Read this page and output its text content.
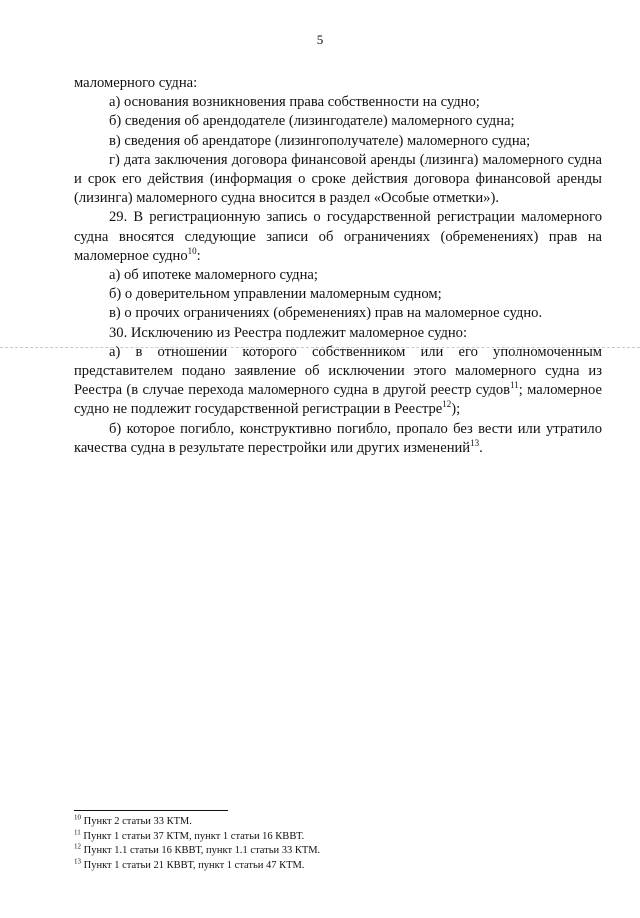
5

маломерного судна:

а) основания возникновения права собственности на судно;

б) сведения об арендодателе (лизингодателе) маломерного судна;

в) сведения об арендаторе (лизингополучателе) маломерного судна;

г) дата заключения договора финансовой аренды (лизинга) маломерного судна и срок его действия (информация о сроке действия договора финансовой аренды (лизинга) маломерного судна вносится в раздел «Особые отметки»).

29. В регистрационную запись о государственной регистрации маломерного судна вносятся следующие записи об ограничениях (обременениях) прав на маломерное судно$^{10}$:

а) об ипотеке маломерного судна;

б) о доверительном управлении маломерным судном;

в) о прочих ограничениях (обременениях) прав на маломерное судно.

30. Исключению из Реестра подлежит маломерное судно:

а) в отношении которого собственником или его уполномоченным представителем подано заявление об исключении этого маломерного судна из Реестра (в случае перехода маломерного судна в другой реестр судов$^{11}$; маломерное судно не подлежит государственной регистрации в Реестре$^{12}$);

б) которое погибло, конструктивно погибло, пропало без вести или утратило качества судна в результате перестройки или других изменений$^{13}$.

$^{10}$ Пункт 2 статьи 33 КТМ.

$^{11}$ Пункт 1 статьи 37 КТМ, пункт 1 статьи 16 КВВТ.

$^{12}$ Пункт 1.1 статьи 16 КВВТ, пункт 1.1 статьи 33 КТМ.

$^{13}$ Пункт 1 статьи 21 КВВТ, пункт 1 статьи 47 КТМ.
